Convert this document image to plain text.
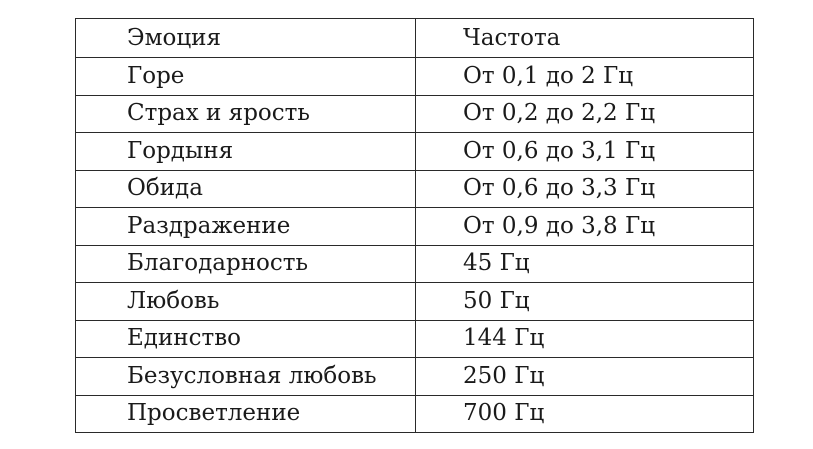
Эмоция	Частота
Горе	От 0,1 до 2 Гц
Страх и ярость	От 0,2 до 2,2 Гц
Гордыня	От 0,6 до 3,1 Гц
Обида	От 0,6 до 3,3 Гц
Раздражение	От 0,9 до 3,8 Гц
Благодарность	45 Гц
Любовь	50 Гц
Единство	144 Гц
Безусловная любовь	250 Гц
Просветление	700 Гц
